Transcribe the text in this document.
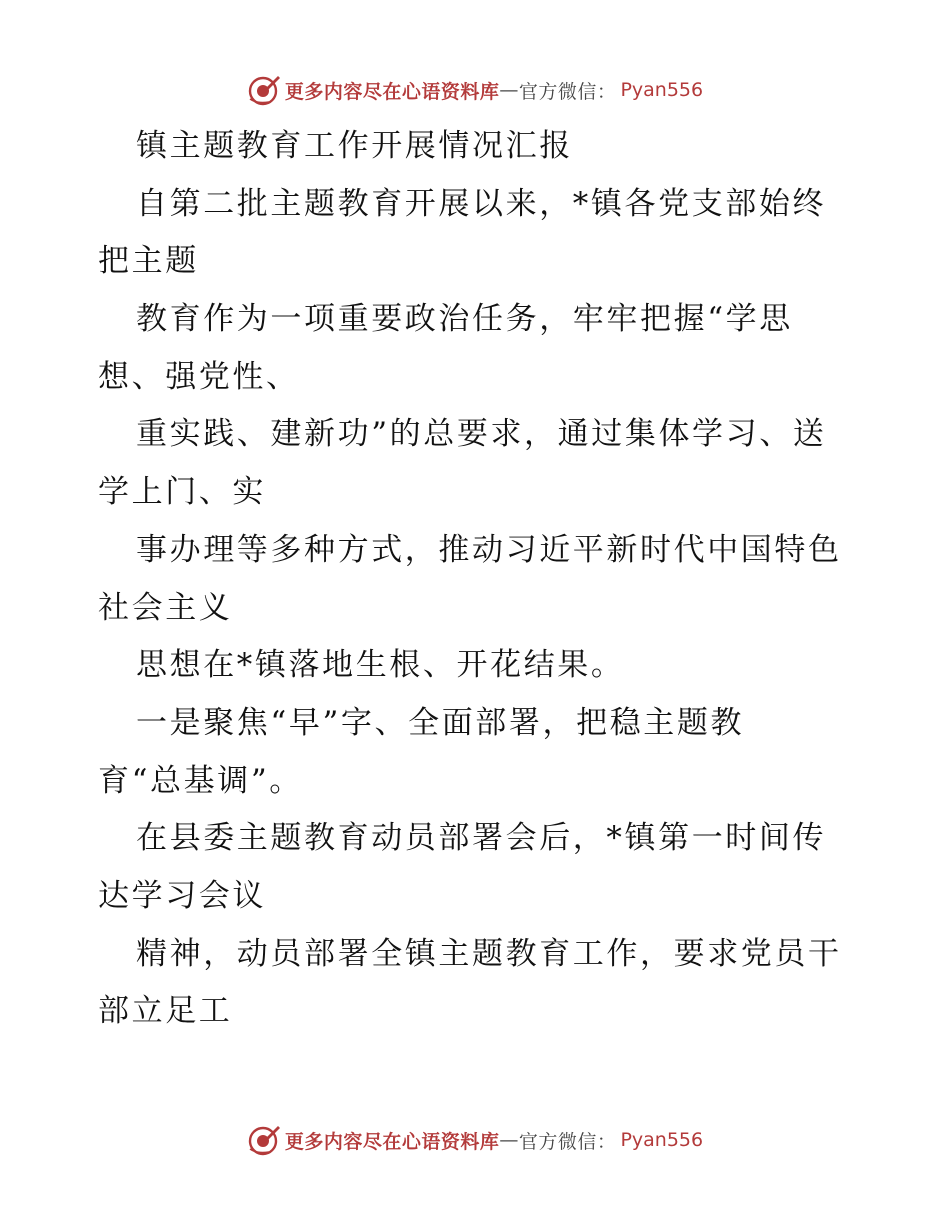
更多内容尽在心语资料库 — 官方微信： Pyan556
镇主题教育工作开展情况汇报
自第二批主题教育开展以来，*镇各党支部始终
把主题
教育作为一项重要政治任务，牢牢把握“学思
想、强党性、
重实践、建新功”的总要求，通过集体学习、送
学上门、实
事办理等多种方式，推动习近平新时代中国特色
社会主义
思想在*镇落地生根、开花结果。
一是聚焦“早”字、全面部署，把稳主题教
育“总基调”。
在县委主题教育动员部署会后，*镇第一时间传
达学习会议
精神，动员部署全镇主题教育工作，要求党员干
部立足工
更多内容尽在心语资料库 — 官方微信： Pyan556
